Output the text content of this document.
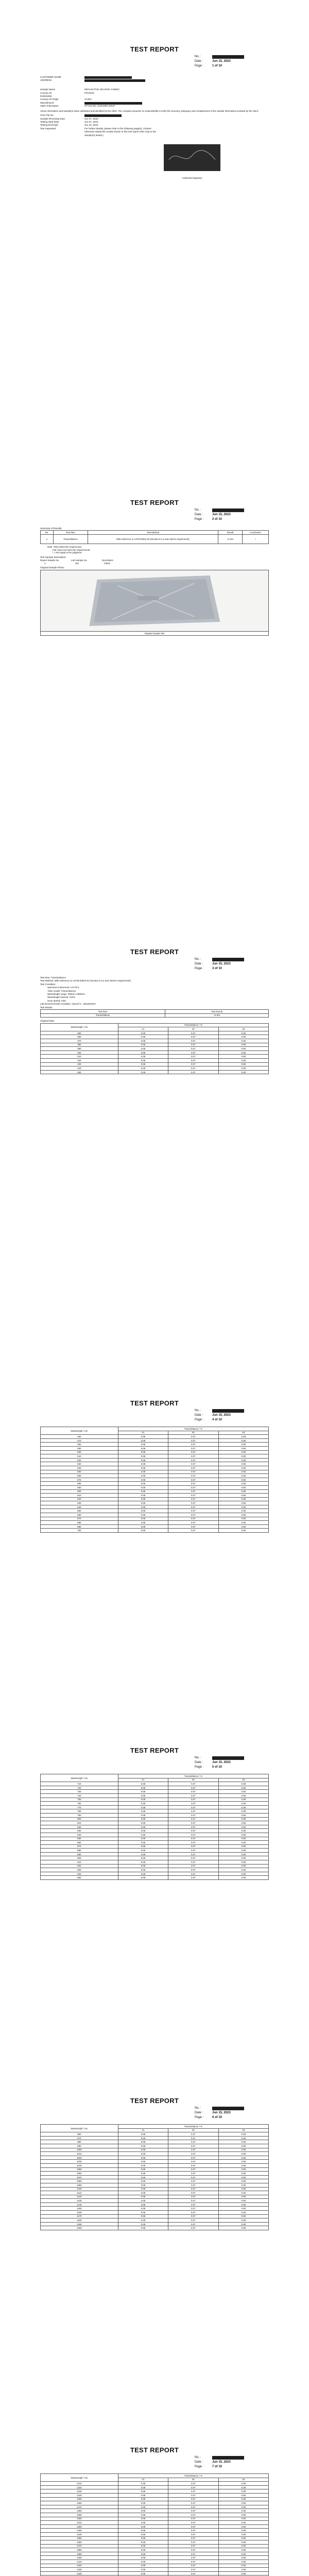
TEST REPORT
No. :
Date :	Jun 15, 2023
Page :	1 of 10
CUSTOMER NAME
ADDRESS
Sample Name	REFLECTIVE GRAPHIC FABRIC
Country Of	FRANCE
Destination
Country Of Origin	CHINA
Manufacturer
Other Information	STYLE NO. ZGE1905-SOUP
Above information and sample(s) is/are submitted and identified by the client. The company assumes no responsibility to verify the accuracy, adequacy and completeness of the sample information provided by the client.
SGS File No.
Sample Receiving Date	Jun 07, 2023
Testing Start Date	Jun 07, 2023
Testing End Date	Jun 15, 2023
Test requested	For further details, please refer to the following page(s). (Unless otherwise stated the results shown in this test report refer only to the sample(s) tested.)
Authorized Signatory
TEST REPORT
No. :
Date :	Jun 15, 2023
Page :	2 of 10
Summary of Results:
No.	Test Item	Test Method	Result	Conclusion
1	Transmittance	With reference to ASTM E903-20 (Section 8.3.2 and client's requirement)	<1.5%	\
Note: Pass=Meet the requirement;
Fail: Does not meet the requirements;
\ = Not Apply to the judgment.
Test Sample Description:
Report Sample No.	Lab Sample No.	Description
A	001	Fabric
Original Sample Photo:
Original sample 001
TEST REPORT
No. :
Date :	Jun 15, 2023
Page :	3 of 10
Test Item: Transmittance
Test Method: With reference to ASTM E903-20 (Section 8.3.2 and client's requirement)
Test Condition:
Spectrum Instrument: UV-PC1
Tube model: Transmittance
Wavelength range: 350nm~1800nm
Wavelength interval: 10nm
Scan speed: Fast
Lab Environmental Condition: (23±2)°C , (50±5)%RH
Test Result:
Test Item	Test Result
Transmittance	<1.5%
Original Data:
Wavelength / nm	Transmittance / %		
	#1	#2	#3
350	0.08	0.07	0.08
360	0.08	0.07	0.08
370	0.08	0.07	0.08
380	0.08	0.07	0.08
390	0.08	0.07	0.08
400	0.08	0.07	0.08
410	0.08	0.07	0.08
420	0.08	0.07	0.08
430	0.08	0.07	0.08
440	0.08	0.07	0.08
450	0.08	0.07	0.08
TEST REPORT
No. :
Date :	Jun 15, 2023
Page :	4 of 10
Wavelength / nm	Transmittance / %		
	#1	#2	#3
460	0.08	0.07	0.08
470	0.08	0.07	0.08
480	0.08	0.07	0.08
490	0.08	0.07	0.08
500	0.08	0.07	0.08
510	0.08	0.07	0.08
520	0.08	0.07	0.08
530	0.08	0.07	0.08
540	0.08	0.07	0.08
550	0.08	0.07	0.08
560	0.08	0.07	0.08
570	0.08	0.07	0.08
580	0.08	0.07	0.08
590	0.08	0.07	0.08
600	0.08	0.07	0.08
610	0.08	0.07	0.08
620	0.08	0.07	0.08
630	0.08	0.07	0.08
640	0.08	0.07	0.08
650	0.08	0.07	0.08
660	0.08	0.07	0.08
670	0.08	0.07	0.08
680	0.08	0.07	0.08
690	0.08	0.07	0.08
700	0.08	0.07	0.08
TEST REPORT
No. :
Date :	Jun 15, 2023
Page :	5 of 10
Wavelength / nm	Transmittance / %		
	#1	#2	#3
710	0.08	0.07	0.08
720	0.08	0.07	0.08
730	0.08	0.07	0.08
740	0.08	0.07	0.08
750	0.08	0.07	0.08
760	0.08	0.07	0.08
770	0.08	0.07	0.08
780	0.08	0.07	0.08
790	0.08	0.07	0.08
800	0.08	0.07	0.08
810	0.08	0.07	0.08
820	0.08	0.07	0.08
830	0.08	0.07	0.08
840	0.08	0.07	0.08
850	0.08	0.07	0.08
860	0.08	0.07	0.08
870	0.08	0.07	0.08
880	0.08	0.07	0.08
890	0.08	0.07	0.08
900	0.08	0.07	0.08
910	0.08	0.07	0.08
920	0.08	0.07	0.08
930	0.08	0.07	0.08
940	0.08	0.07	0.08
950	0.08	0.07	0.08
TEST REPORT
No. :
Date :	Jun 15, 2023
Page :	6 of 10
Wavelength / nm	Transmittance / %		
	#1	#2	#3
960	0.08	0.07	0.08
970	0.08	0.07	0.08
980	0.08	0.07	0.08
990	0.08	0.07	0.08
1000	0.08	0.07	0.08
1010	0.08	0.07	0.08
1020	0.08	0.07	0.08
1030	0.08	0.07	0.08
1040	0.08	0.07	0.08
1050	0.08	0.07	0.08
1060	0.08	0.07	0.08
1070	0.08	0.07	0.08
1080	0.08	0.07	0.08
1090	0.08	0.07	0.08
1100	0.08	0.07	0.08
1110	0.08	0.07	0.08
1120	0.08	0.07	0.08
1130	0.08	0.07	0.08
1140	0.08	0.07	0.08
1150	0.08	0.07	0.08
1160	0.08	0.07	0.08
1170	0.08	0.07	0.08
1180	0.08	0.07	0.08
1190	0.08	0.07	0.08
1200	0.08	0.07	0.08
TEST REPORT
No. :
Date :	Jun 15, 2023
Page :	7 of 10
Wavelength / nm	Transmittance / %		
	#1	#2	#3
1210	0.08	0.07	0.08
1220	0.08	0.07	0.08
1230	0.08	0.07	0.08
1240	0.08	0.07	0.08
1250	0.08	0.07	0.08
1260	0.08	0.07	0.08
1270	0.08	0.07	0.08
1280	0.08	0.07	0.08
1290	0.08	0.07	0.08
1300	0.08	0.07	0.08
1310	0.08	0.07	0.08
1320	0.08	0.07	0.08
1330	0.08	0.07	0.08
1340	0.08	0.07	0.08
1350	0.08	0.07	0.08
1360	0.08	0.07	0.08
1370	0.08	0.07	0.08
1380	0.08	0.07	0.08
1390	0.08	0.07	0.08
1400	0.08	0.07	0.08
1410	0.08	0.07	0.08
1420	0.08	0.07	0.08
1430	0.08	0.07	0.08
1440	0.08	0.07	0.08
